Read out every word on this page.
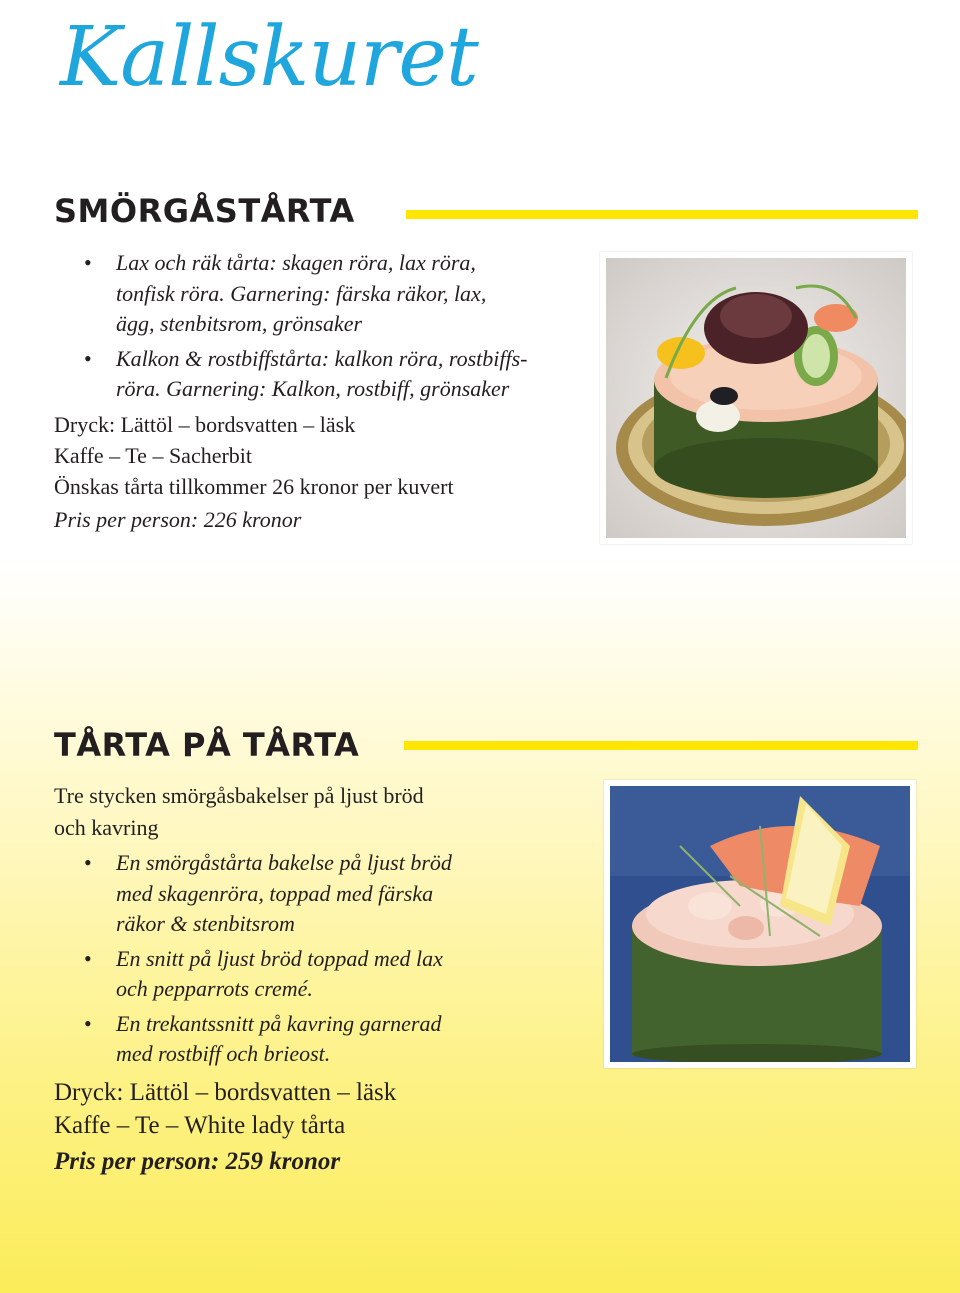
Kallskuret
SMÖRGÅSTÅRTA
• Lax och räk tårta: skagen röra, lax röra,
tonfisk röra. Garnering: färska räkor, lax,
ägg, stenbitsrom, grönsaker
• Kalkon & rostbiffstårta: kalkon röra, rostbiffs-
röra. Garnering: Kalkon, rostbiff, grönsaker
Dryck: Lättöl – bordsvatten – läsk
Kaffe – Te – Sacherbit
Önskas tårta tillkommer 26 kronor per kuvert
Pris per person: 226 kronor
TÅRTA PÅ TÅRTA
Tre stycken smörgåsbakelser på ljust bröd
och kavring
• En smörgåstårta bakelse på ljust bröd
med skagenröra, toppad med färska
räkor & stenbitsrom
• En snitt på ljust bröd toppad med lax
och pepparrots cremé.
• En trekantssnitt på kavring garnerad
med rostbiff och brieost.
Dryck: Lättöl – bordsvatten – läsk
Kaffe – Te – White lady tårta
Pris per person: 259 kronor
